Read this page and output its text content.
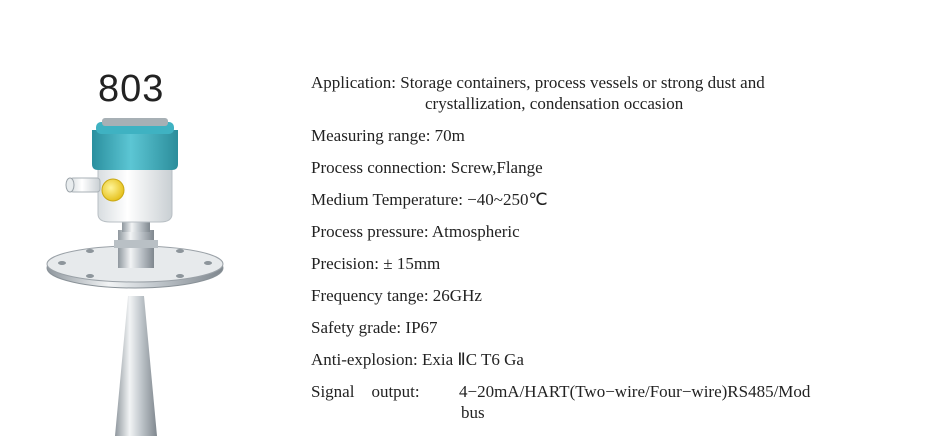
803	Application: Storage containers, process vessels or strong dust and
crystallization, condensation occasion
Measuring range: 70m
Process connection: Screw,Flange
Medium Temperature: −40~250℃
Process pressure: Atmospheric
Precision: ± 15mm
Frequency tange: 26GHz
Safety grade: IP67
Anti-explosion: Exia ⅡC T6 Ga
Signal    output: 4−20mA/HART(Two−wire/Four−wire)RS485/Mod
bus
